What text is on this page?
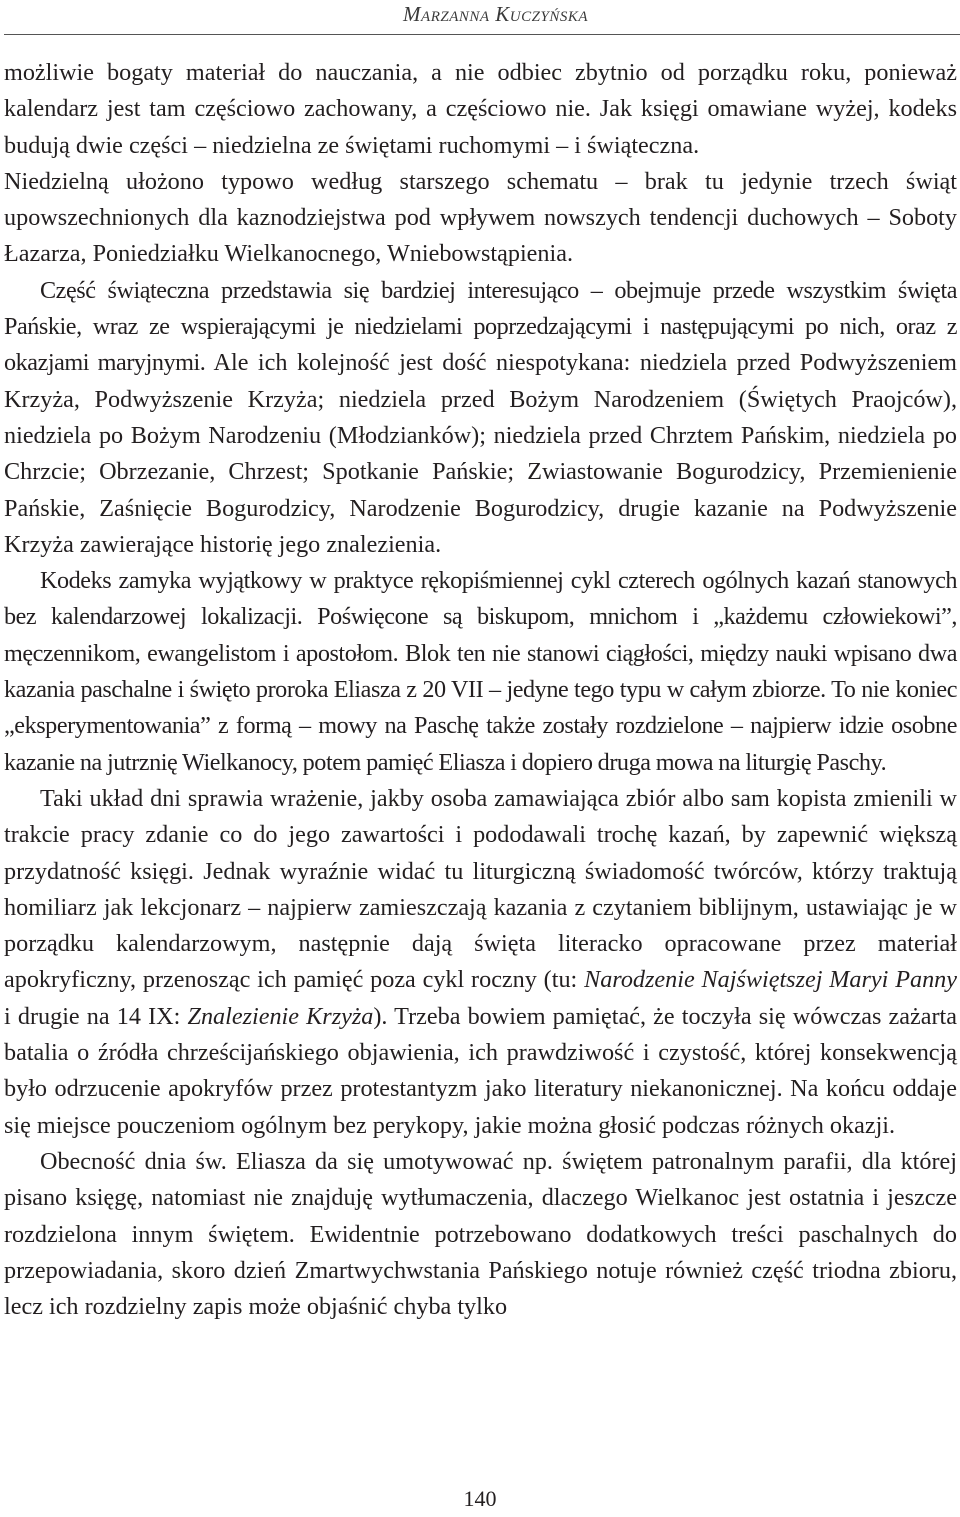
Marzanna Kuczyńska

możliwie bogaty materiał do nauczania, a nie odbiec zbytnio od porządku roku, ponieważ kalendarz jest tam częściowo zachowany, a częściowo nie. Jak księgi omawiane wyżej, kodeks budują dwie części – niedzielna ze świętami ruchomymi – i świąteczna.

Niedzielną ułożono typowo według starszego schematu – brak tu jedynie trzech świąt upowszechnionych dla kaznodziejstwa pod wpływem nowszych tendencji duchowych – Soboty Łazarza, Poniedziałku Wielkanocnego, Wniebowstąpienia.

Część świąteczna przedstawia się bardziej interesująco – obejmuje przede wszystkim święta Pańskie, wraz ze wspierającymi je niedzielami poprzedzającymi i następującymi po nich, oraz z okazjami maryjnymi. Ale ich kolejność jest dość niespotykana: niedziela przed Podwyższeniem Krzyża, Podwyższenie Krzyża; niedziela przed Bożym Narodzeniem (Świętych Praojców), niedziela po Bożym Narodzeniu (Młodzianków); niedziela przed Chrztem Pańskim, niedziela po Chrzcie; Obrzezanie, Chrzest; Spotkanie Pańskie; Zwiastowanie Bogurodzicy, Przemienienie Pańskie, Zaśnięcie Bogurodzicy, Narodzenie Bogurodzicy, drugie kazanie na Podwyższenie Krzyża zawierające historię jego znalezienia.

Kodeks zamyka wyjątkowy w praktyce rękopiśmiennej cykl czterech ogólnych kazań stanowych bez kalendarzowej lokalizacji. Poświęcone są biskupom, mnichom i „każdemu człowiekowi”, męczennikom, ewangelistom i apostołom. Blok ten nie stanowi ciągłości, między nauki wpisano dwa kazania paschalne i święto proroka Eliasza z 20 VII – jedyne tego typu w całym zbiorze. To nie koniec „eksperymentowania” z formą – mowy na Paschę także zostały rozdzielone – najpierw idzie osobne kazanie na jutrznię Wielkanocy, potem pamięć Eliasza i dopiero druga mowa na liturgię Paschy.

Taki układ dni sprawia wrażenie, jakby osoba zamawiająca zbiór albo sam kopista zmienili w trakcie pracy zdanie co do jego zawartości i pododawali trochę kazań, by zapewnić większą przydatność księgi. Jednak wyraźnie widać tu liturgiczną świadomość twórców, którzy traktują homiliarz jak lekcjonarz – najpierw zamieszczają kazania z czytaniem biblijnym, ustawiając je w porządku kalendarzowym, następnie dają święta literacko opracowane przez materiał apokryficzny, przenosząc ich pamięć poza cykl roczny (tu: Narodzenie Najświętszej Maryi Panny i drugie na 14 IX: Znalezienie Krzyża). Trzeba bowiem pamiętać, że toczyła się wówczas zażarta batalia o źródła chrześcijańskiego objawienia, ich prawdziwość i czystość, której konsekwencją było odrzucenie apokryfów przez protestantyzm jako literatury niekanonicznej. Na końcu oddaje się miejsce pouczeniom ogólnym bez perykopy, jakie można głosić podczas różnych okazji.

Obecność dnia św. Eliasza da się umotywować np. świętem patronalnym parafii, dla której pisano księgę, natomiast nie znajduję wytłumaczenia, dlaczego Wielkanoc jest ostatnia i jeszcze rozdzielona innym świętem. Ewidentnie potrzebowano dodatkowych treści paschalnych do przepowiadania, skoro dzień Zmartwychwstania Pańskiego notuje również część triodna zbioru, lecz ich rozdzielny zapis może objaśnić chyba tylko

140
